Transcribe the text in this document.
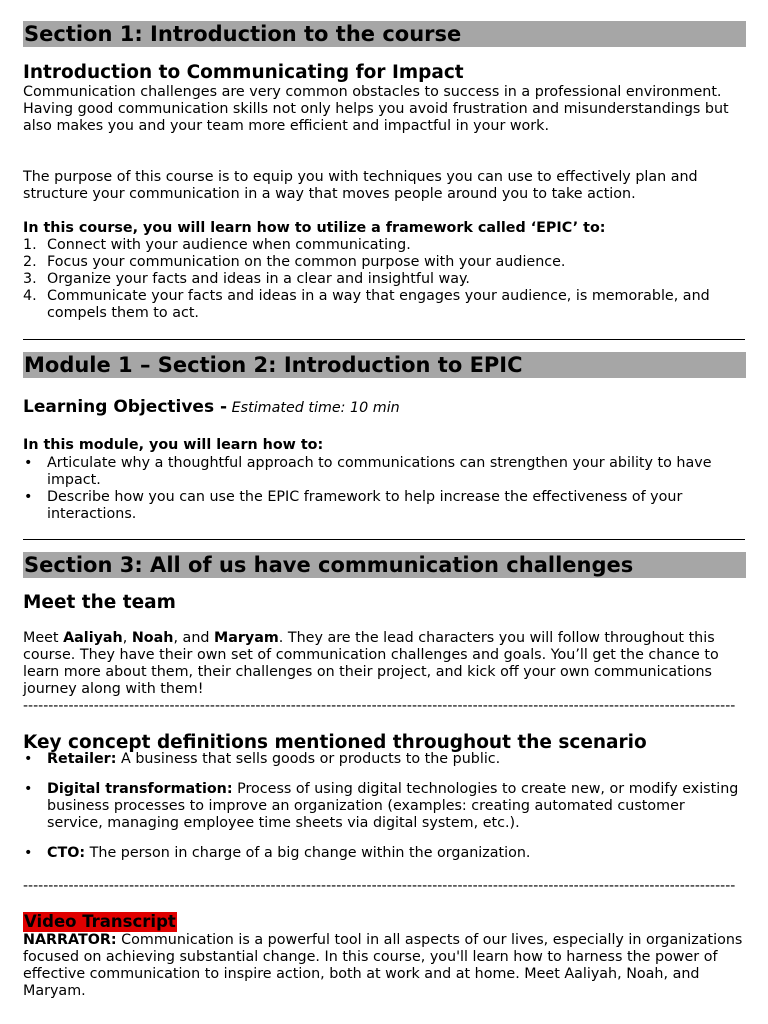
Section 1: Introduction to the course
Introduction to Communicating for Impact

Communication challenges are very common obstacles to success in a professional environment. Having good communication skills not only helps you avoid frustration and misunderstandings but also makes you and your team more efficient and impactful in your work.

The purpose of this course is to equip you with techniques you can use to effectively plan and structure your communication in a way that moves people around you to take action.

In this course, you will learn how to utilize a framework called ‘EPIC’ to:
1. Connect with your audience when communicating.
2. Focus your communication on the common purpose with your audience.
3. Organize your facts and ideas in a clear and insightful way.
4. Communicate your facts and ideas in a way that engages your audience, is memorable, and compels them to act.
Module 1 – Section 2: Introduction to EPIC
Learning Objectives - Estimated time: 10 min
In this module, you will learn how to:
• Articulate why a thoughtful approach to communications can strengthen your ability to have impact.
• Describe how you can use the EPIC framework to help increase the effectiveness of your interactions.
Section 3: All of us have communication challenges
Meet the team

Meet Aaliyah, Noah, and Maryam. They are the lead characters you will follow throughout this course. They have their own set of communication challenges and goals. You’ll get the chance to learn more about them, their challenges on their project, and kick off your own communications journey along with them!

---------------------------------------------------------------------------------------------------------------------------------------------
Key concept definitions mentioned throughout the scenario
• Retailer: A business that sells goods or products to the public.
• Digital transformation: Process of using digital technologies to create new, or modify existing business processes to improve an organization (examples: creating automated customer service, managing employee time sheets via digital system, etc.).
• CTO: The person in charge of a big change within the organization.
---------------------------------------------------------------------------------------------------------------------------------------------
Video Transcript

NARRATOR: Communication is a powerful tool in all aspects of our lives, especially in organizations focused on achieving substantial change. In this course, you'll learn how to harness the power of effective communication to inspire action, both at work and at home. Meet Aaliyah, Noah, and Maryam.
